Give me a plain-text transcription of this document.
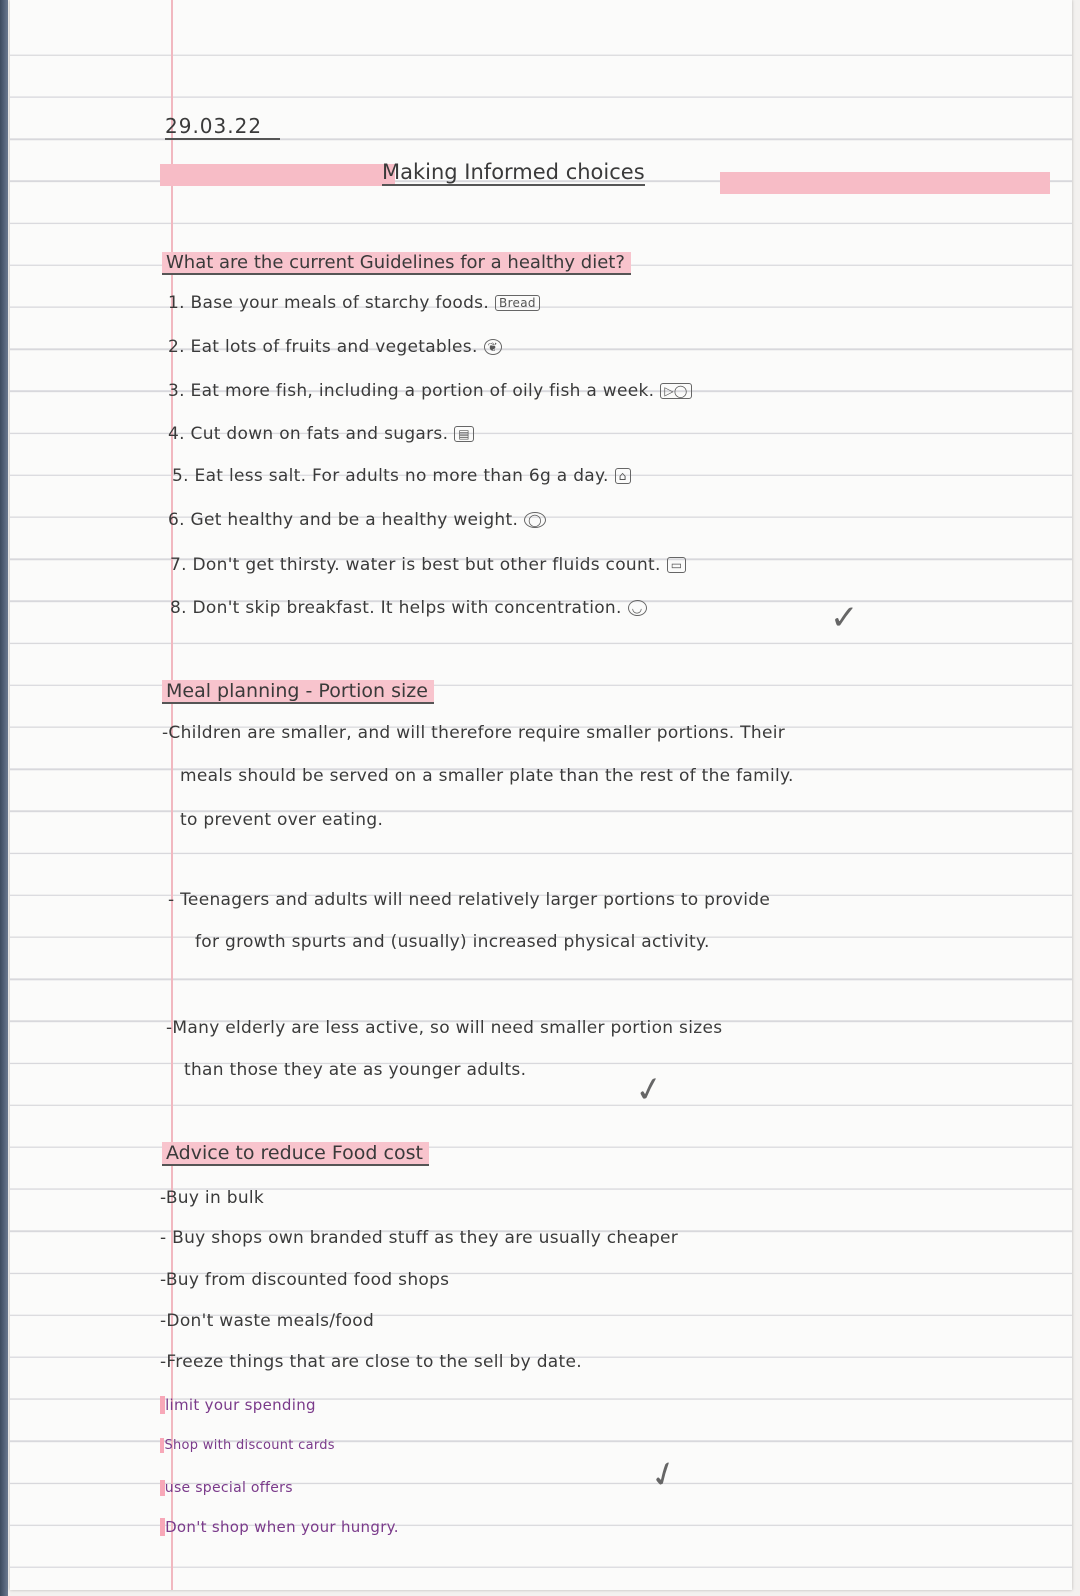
29.03.22
Making Informed choices
What are the current Guidelines for a healthy diet?
1. Base your meals of starchy foods. Bread
2. Eat lots of fruits and vegetables. ❦
3. Eat more fish, including a portion of oily fish a week. ▷◯
4. Cut down on fats and sugars. ▤
5. Eat less salt. For adults no more than 6g a day. ⌂
6. Get healthy and be a healthy weight. ◯
7. Don't get thirsty. water is best but other fluids count. ▭
8. Don't skip breakfast. It helps with concentration. ◡	✓
Meal planning - Portion size
-Children are smaller, and will therefore require smaller portions. Their
meals should be served on a smaller plate than the rest of the family.
to prevent over eating.
- Teenagers and adults will need relatively larger portions to provide
for growth spurts and (usually) increased physical activity.
-Many elderly are less active, so will need smaller portion sizes
than those they ate as younger adults.	✓
Advice to reduce Food cost
-Buy in bulk
- Buy shops own branded stuff as they are usually cheaper
-Buy from discounted food shops
-Don't waste meals/food
-Freeze things that are close to the sell by date.
limit your spending
Shop with discount cards
use special offers
Don't shop when your hungry.
✓
